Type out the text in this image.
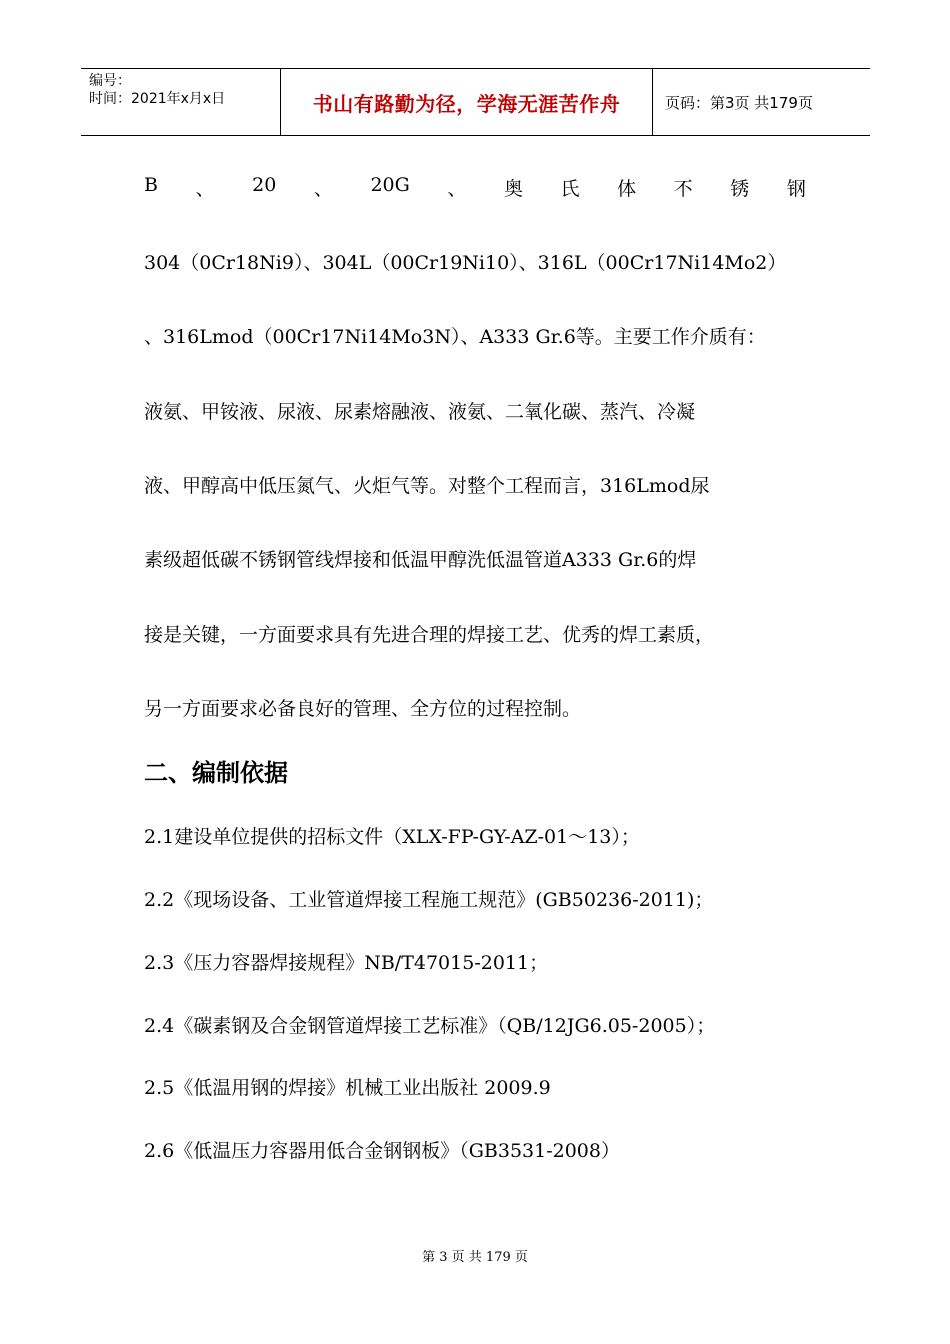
编号：
时间：2021年x月x日	书山有路勤为径，学海无涯苦作舟	页码：第3页 共179页
B 、 20 、 20G 、 奥 氏 体 不 锈 钢
304（0Cr18Ni9）、304L（00Cr19Ni10）、316L（00Cr17Ni14Mo2）
、316Lmod（00Cr17Ni14Mo3N）、A333 Gr.6等。主要工作介质有：
液氨、甲铵液、尿液、尿素熔融液、液氨、二氧化碳、蒸汽、冷凝
液、甲醇高中低压氮气、火炬气等。对整个工程而言，316Lmod尿
素级超低碳不锈钢管线焊接和低温甲醇洗低温管道A333 Gr.6的焊
接是关键，一方面要求具有先进合理的焊接工艺、优秀的焊工素质，
另一方面要求必备良好的管理、全方位的过程控制。
二、编制依据
2.1建设单位提供的招标文件（XLX-FP-GY-AZ-01～13）；
2.2《现场设备、工业管道焊接工程施工规范》(GB50236-2011)；
2.3《压力容器焊接规程》NB/T47015-2011；
2.4《碳素钢及合金钢管道焊接工艺标准》（QB/12JG6.05-2005）；
2.5《低温用钢的焊接》机械工业出版社 2009.9
2.6《低温压力容器用低合金钢钢板》（GB3531-2008）
第 3 页 共 179 页
